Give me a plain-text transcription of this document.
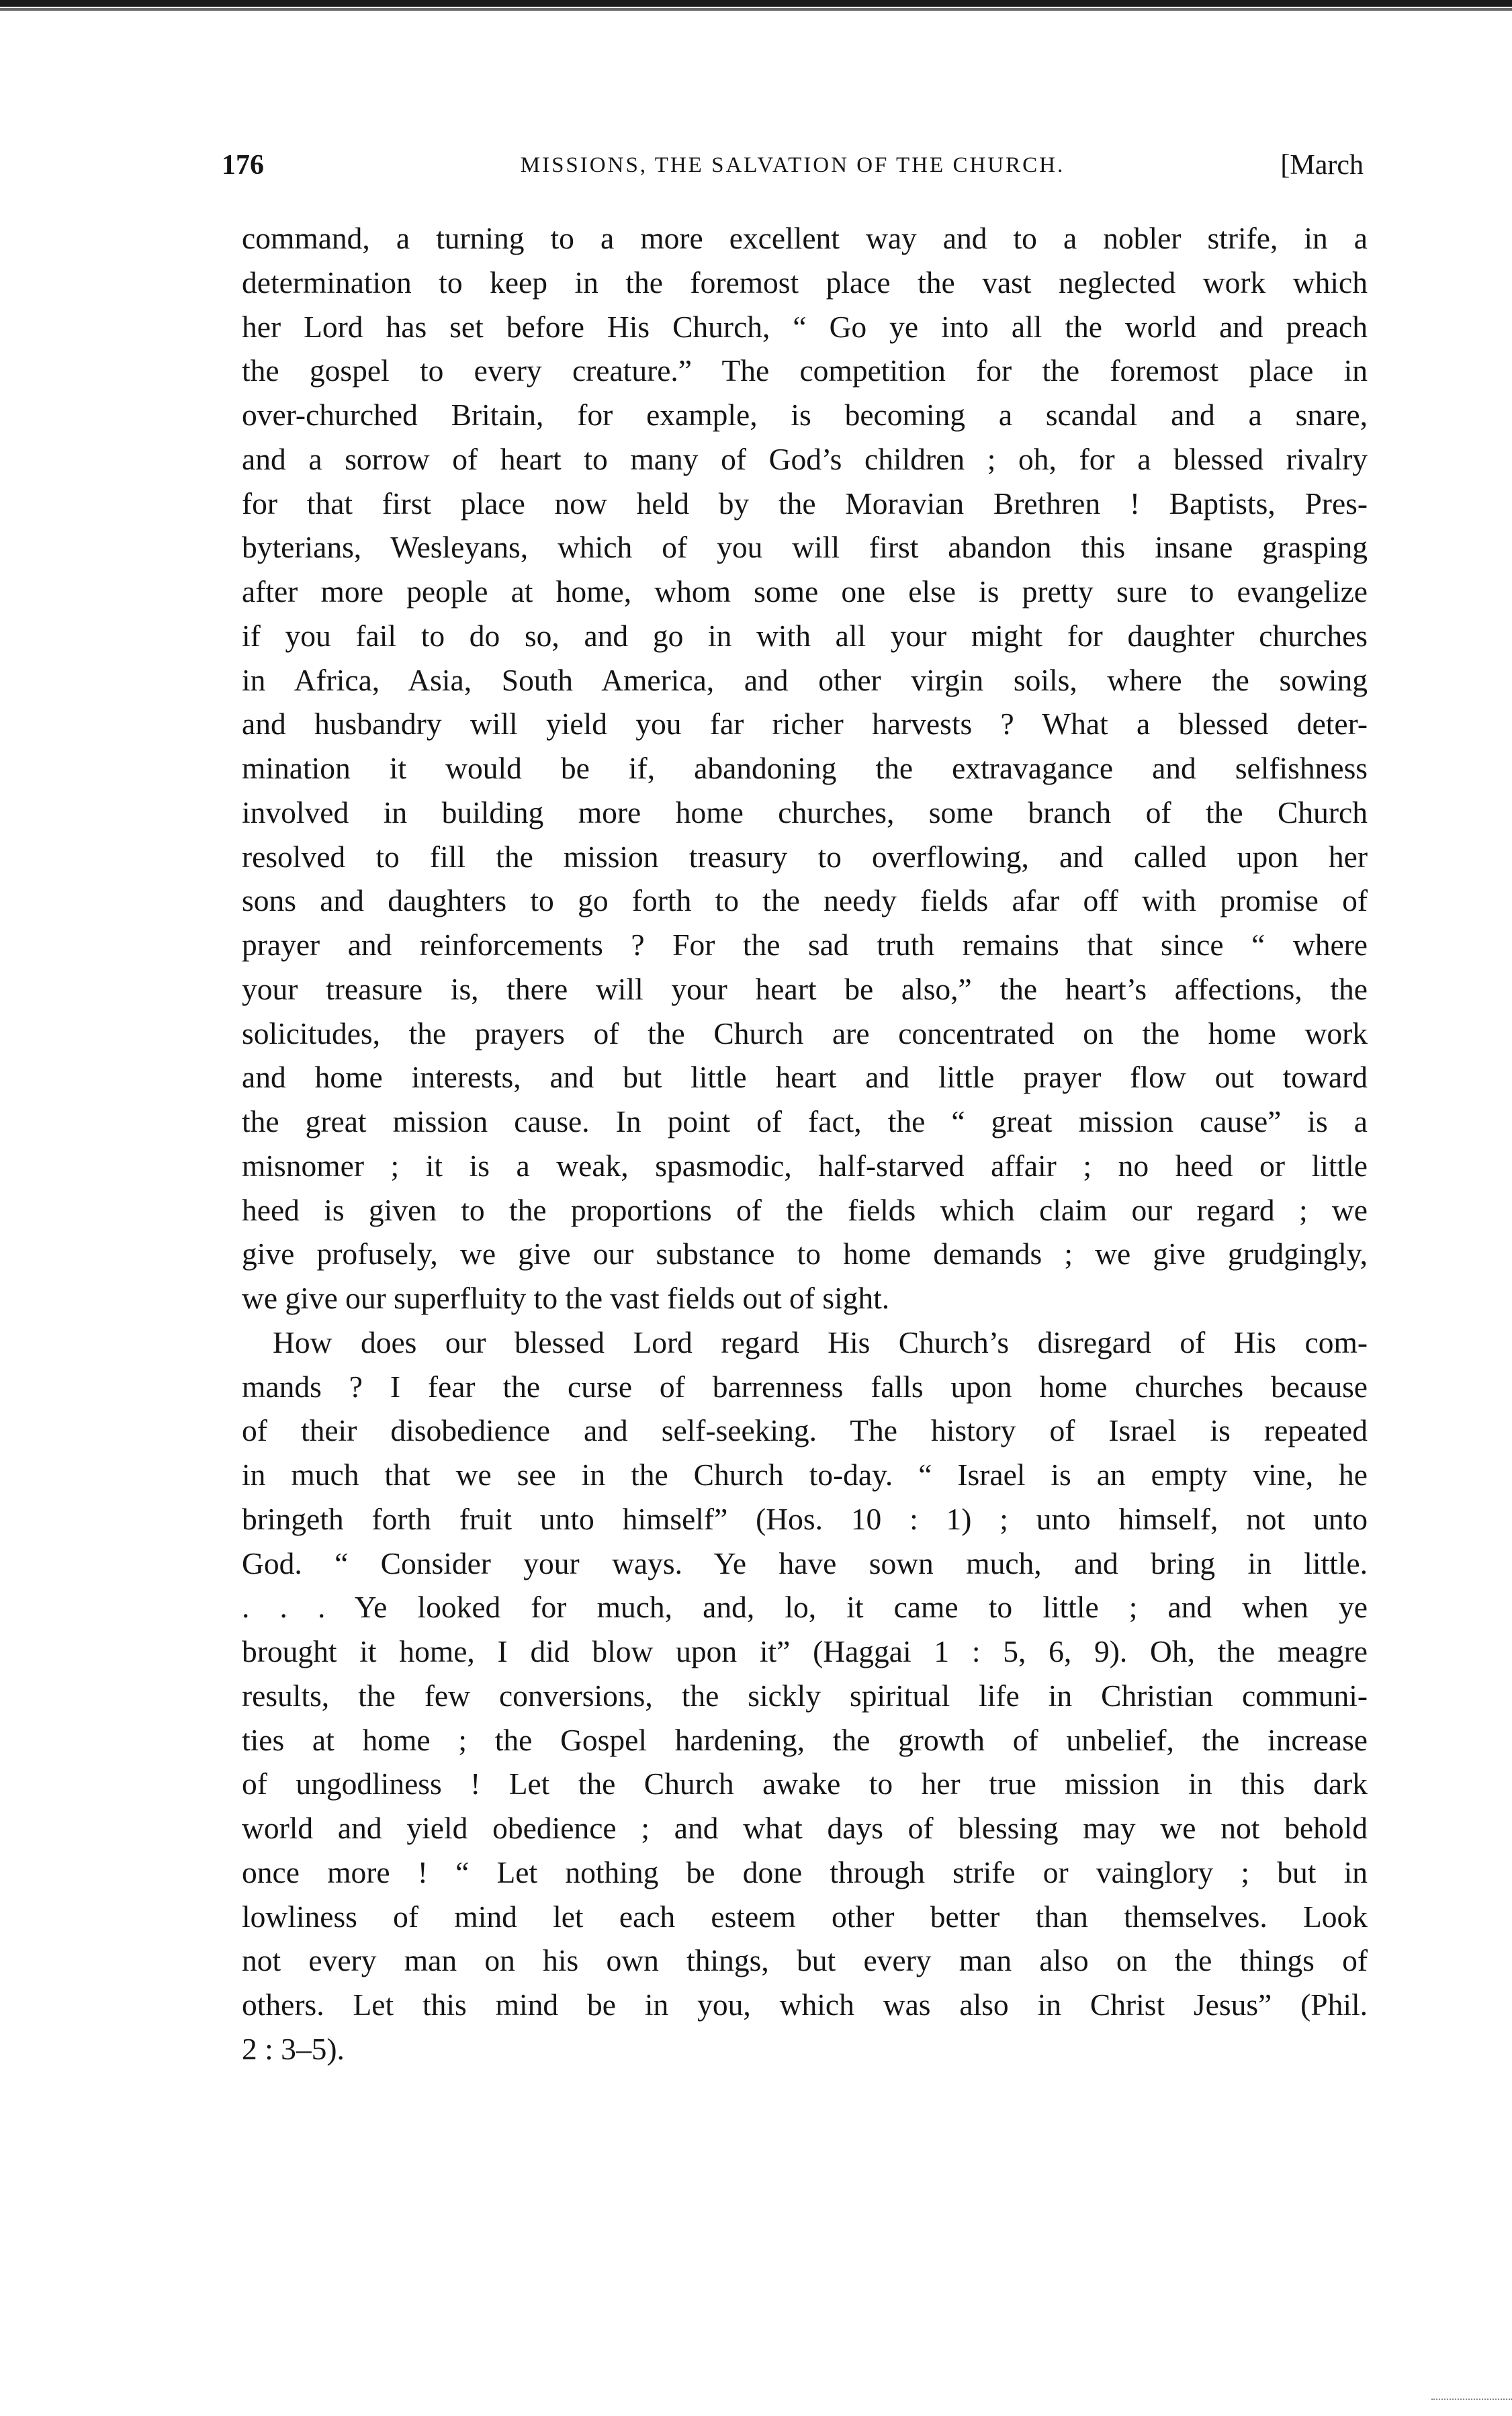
176	MISSIONS, THE SALVATION OF THE CHURCH.	[March
command, a turning to a more excellent way and to a nobler strife, in a
determination to keep in the foremost place the vast neglected work which
her Lord has set before His Church, “ Go ye into all the world and preach
the gospel to every creature.” The competition for the foremost place in
over-churched Britain, for example, is becoming a scandal and a snare,
and a sorrow of heart to many of God’s children ; oh, for a blessed rivalry
for that first place now held by the Moravian Brethren ! Baptists, Pres-
byterians, Wesleyans, which of you will first abandon this insane grasping
after more people at home, whom some one else is pretty sure to evangelize
if you fail to do so, and go in with all your might for daughter churches
in Africa, Asia, South America, and other virgin soils, where the sowing
and husbandry will yield you far richer harvests ? What a blessed deter-
mination it would be if, abandoning the extravagance and selfishness
involved in building more home churches, some branch of the Church
resolved to fill the mission treasury to overflowing, and called upon her
sons and daughters to go forth to the needy fields afar off with promise of
prayer and reinforcements ? For the sad truth remains that since “ where
your treasure is, there will your heart be also,” the heart’s affections, the
solicitudes, the prayers of the Church are concentrated on the home work
and home interests, and but little heart and little prayer flow out toward
the great mission cause. In point of fact, the “ great mission cause” is a
misnomer ; it is a weak, spasmodic, half-starved affair ; no heed or little
heed is given to the proportions of the fields which claim our regard ; we
give profusely, we give our substance to home demands ; we give grudgingly,
we give our superfluity to the vast fields out of sight.
How does our blessed Lord regard His Church’s disregard of His com-
mands ? I fear the curse of barrenness falls upon home churches because
of their disobedience and self-seeking. The history of Israel is repeated
in much that we see in the Church to-day. “ Israel is an empty vine, he
bringeth forth fruit unto himself” (Hos. 10 : 1) ; unto himself, not unto
God. “ Consider your ways. Ye have sown much, and bring in little.
. . . Ye looked for much, and, lo, it came to little ; and when ye
brought it home, I did blow upon it” (Haggai 1 : 5, 6, 9). Oh, the meagre
results, the few conversions, the sickly spiritual life in Christian communi-
ties at home ; the Gospel hardening, the growth of unbelief, the increase
of ungodliness ! Let the Church awake to her true mission in this dark
world and yield obedience ; and what days of blessing may we not behold
once more ! “ Let nothing be done through strife or vainglory ; but in
lowliness of mind let each esteem other better than themselves. Look
not every man on his own things, but every man also on the things of
others. Let this mind be in you, which was also in Christ Jesus” (Phil.
2 : 3–5).
